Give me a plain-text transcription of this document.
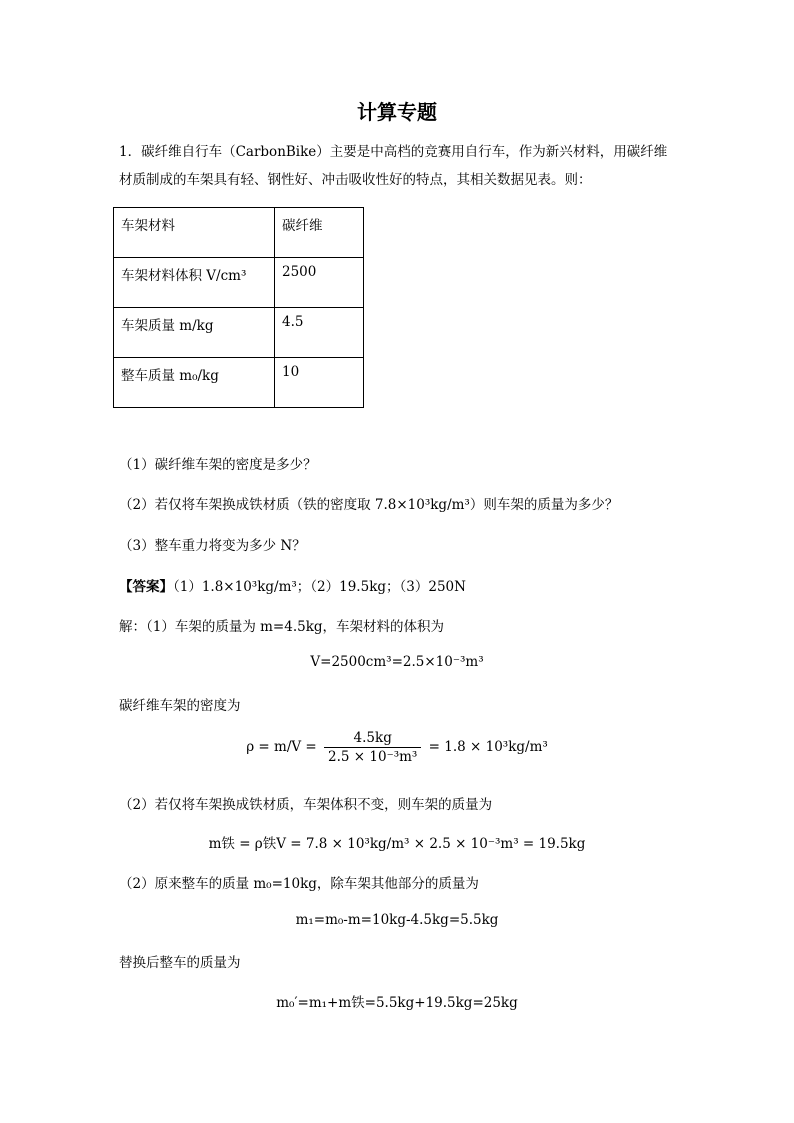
计算专题
1．碳纤维自行车（CarbonBike）主要是中高档的竞赛用自行车，作为新兴材料，用碳纤维
材质制成的车架具有轻、钢性好、冲击吸收性好的特点，其相关数据见表。则：
车架材料	碳纤维
车架材料体积 V/cm³	2500
车架质量 m/kg	4.5
整车质量 m₀/kg	10
（1）碳纤维车架的密度是多少？
（2）若仅将车架换成铁材质（铁的密度取 7.8×10³kg/m³）则车架的质量为多少？
（3）整车重力将变为多少 N？
【答案】（1）1.8×10³kg/m³；（2）19.5kg；（3）250N
解：（1）车架的质量为 m=4.5kg，车架材料的体积为
V=2500cm³=2.5×10⁻³m³
碳纤维车架的密度为
$\rho = m/V = \frac{4.5kg}{\text{2.5 × 10⁻³m³}} = 1.8 \times 10^3kg/m^3$
（2）若仅将车架换成铁材质，车架体积不变，则车架的质量为
m铁 = ρ铁V = 7.8 × 10³kg/m³ × 2.5 × 10⁻³m³ = 19.5kg
（2）原来整车的质量 m₀=10kg，除车架其他部分的质量为
m₁=m₀-m=10kg-4.5kg=5.5kg
替换后整车的质量为
m₀′=m₁+m铁=5.5kg+19.5kg=25kg
